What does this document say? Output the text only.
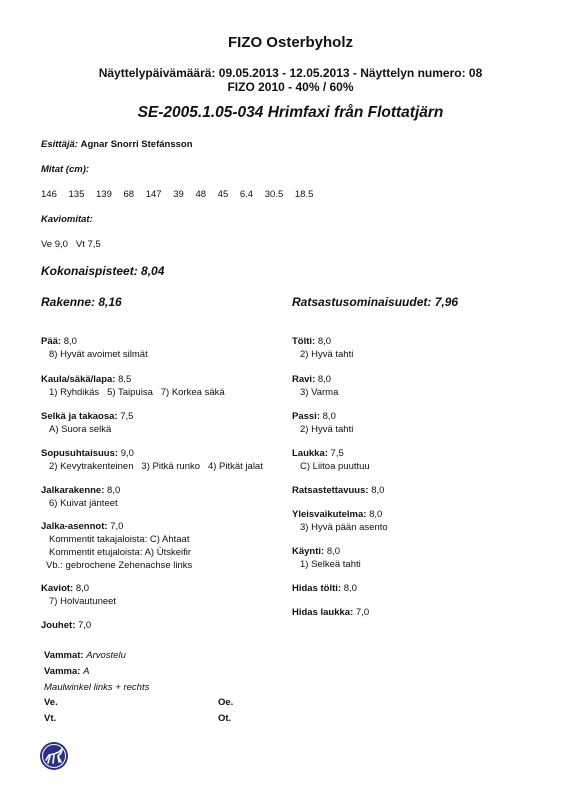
FIZO Osterbyholz
Näyttelypäivämäärä: 09.05.2013 - 12.05.2013 - Näyttelyn numero: 08
FIZO 2010 - 40% / 60%
SE-2005.1.05-034 Hrimfaxi från Flottatjärn
Esittäjä: Agnar Snorri Stefánsson
Mitat (cm):
146 135 139 68 147 39 48 45 6.4 30.5 18.5
Kaviomitat:
Ve 9,0   Vt 7,5
Kokonaispisteet: 8,04
Rakenne: 8,16	Ratsastusominaisuudet: 7,96
Pää: 8,0
8) Hyvät avoimet silmät
Kaula/säkä/lapa: 8,5
1) Ryhdikäs   5) Taipuisa   7) Korkea säkä
Selkä ja takaosa: 7,5
A) Suora selkä
Sopusuhtaisuus: 9,0
2) Kevytrakenteinen   3) Pitkä runko   4) Pitkät jalat
Jalkarakenne: 8,0
6) Kuivat jänteet
Jalka-asennot: 7,0
Kommentit takajaloista: C) Ahtaat
Kommentit etujaloista: A) Ùtskeifir
Vb.: gebrochene Zehenachse links
Kaviot: 8,0
7) Holvautuneet
Jouhet: 7,0
Tölti: 8,0
2) Hyvä tahti
Ravi: 8,0
3) Varma
Passi: 8,0
2) Hyvä tahti
Laukka: 7,5
C) Liitoa puuttuu
Ratsastettavuus: 8,0
Yleisvaikutelma: 8,0
3) Hyvä pään asento
Käynti: 8,0
1) Selkeä tahti
Hidas tölti: 8,0
Hidas laukka: 7,0
Vammat: Arvostelu
Vamma: A
Maulwinkel links + rechts
Ve.	Oe.
Vt.	Ot.
